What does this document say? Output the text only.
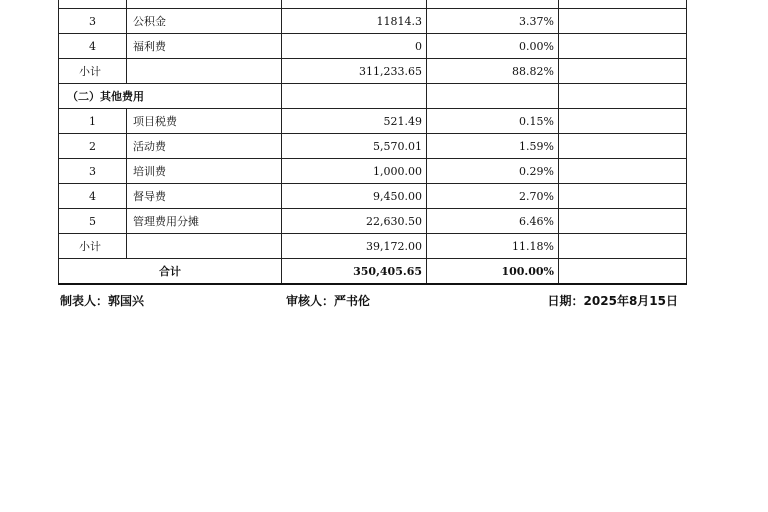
3	公积金	11814.3	3.37%	
4	福利费	0	0.00%	
小计		311,233.65	88.82%	
（二）其他费用				
1	项目税费	521.49	0.15%	
2	活动费	5,570.01	1.59%	
3	培训费	1,000.00	0.29%	
4	督导费	9,450.00	2.70%	
5	管理费用分摊	22,630.50	6.46%	
小计		39,172.00	11.18%	
合计		350,405.65	100.00%	
制表人：郭国兴	审核人：严书伦	日期：2025年8月15日
